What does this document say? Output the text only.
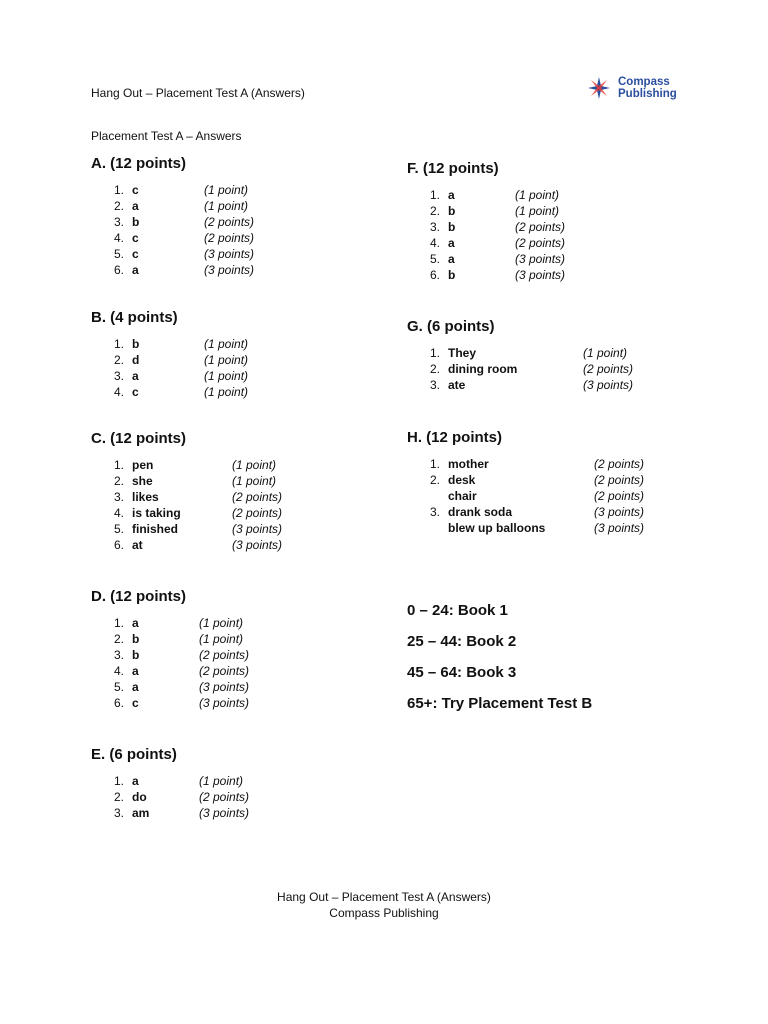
Hang Out – Placement Test A (Answers)
Compass
Publishing
Placement Test A – Answers
A. (12 points)
1. c	(1 point)
2. a	(1 point)
3. b	(2 points)
4. c	(2 points)
5. c	(3 points)
6. a	(3 points)
B. (4 points)
1. b	(1 point)
2. d	(1 point)
3. a	(1 point)
4. c	(1 point)
C. (12 points)
1. pen	(1 point)
2. she	(1 point)
3. likes	(2 points)
4. is taking	(2 points)
5. finished	(3 points)
6. at	(3 points)
D. (12 points)
1. a	(1 point)
2. b	(1 point)
3. b	(2 points)
4. a	(2 points)
5. a	(3 points)
6. c	(3 points)
E. (6 points)
1. a	(1 point)
2. do	(2 points)
3. am	(3 points)
F. (12 points)
1. a	(1 point)
2. b	(1 point)
3. b	(2 points)
4. a	(2 points)
5. a	(3 points)
6. b	(3 points)
G. (6 points)
1. They	(1 point)
2. dining room	(2 points)
3. ate	(3 points)
H. (12 points)
1. mother	(2 points)
2. desk	(2 points)
chair	(2 points)
3. drank soda	(3 points)
blew up balloons	(3 points)
0 – 24: Book 1
25 – 44: Book 2
45 – 64: Book 3
65+: Try Placement Test B
Hang Out – Placement Test A (Answers)
Compass Publishing
